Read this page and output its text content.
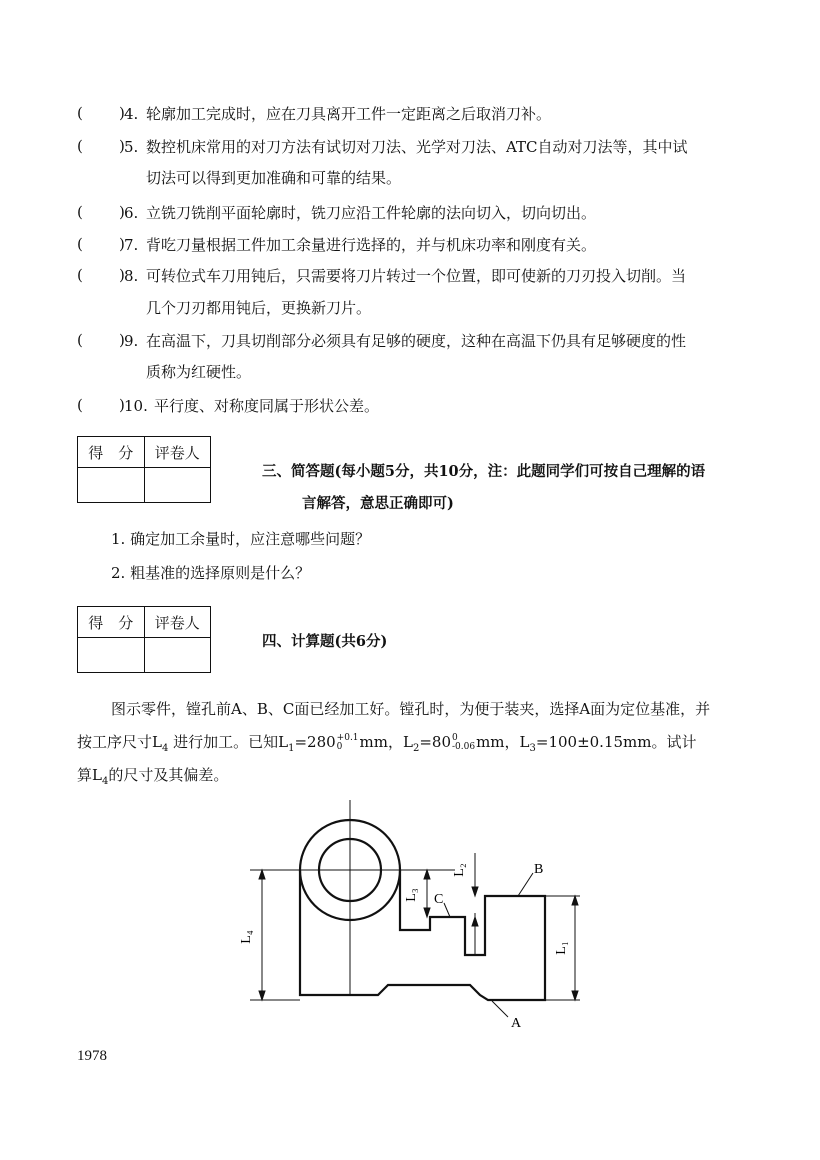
( ) 4. 轮廓加工完成时，应在刀具离开工件一定距离之后取消刀补。
( ) 5. 数控机床常用的对刀方法有试切对刀法、光学对刀法、ATC自动对刀法等，其中试
切法可以得到更加准确和可靠的结果。
( ) 6. 立铣刀铣削平面轮廓时，铣刀应沿工件轮廓的法向切入，切向切出。
( ) 7. 背吃刀量根据工件加工余量进行选择的，并与机床功率和刚度有关。
( ) 8. 可转位式车刀用钝后，只需要将刀片转过一个位置，即可使新的刀刃投入切削。当
几个刀刃都用钝后，更换新刀片。
( ) 9. 在高温下，刀具切削部分必须具有足够的硬度，这种在高温下仍具有足够硬度的性
质称为红硬性。
( ) 10. 平行度、对称度同属于形状公差。
得　分	评卷人

三、简答题(每小题5分，共10分，注：此题同学们可按自己理解的语
言解答，意思正确即可)
1. 确定加工余量时，应注意哪些问题？
2. 粗基准的选择原则是什么？
得　分	评卷人

四、计算题(共6分)
图示零件，镗孔前A、B、C面已经加工好。镗孔时，为便于装夹，选择A面为定位基准，并
按工序尺寸$L_4$ 进行加工。已知$L_1=280 +0.1$
0	mm，$L_2=80$ 0
-0.06 mm，$L_3=100\pm 0.15mm$。试计
算$L_4$的尺寸及其偏差。
L₄
L₃
L₂
L₁
B
C
A
1978
